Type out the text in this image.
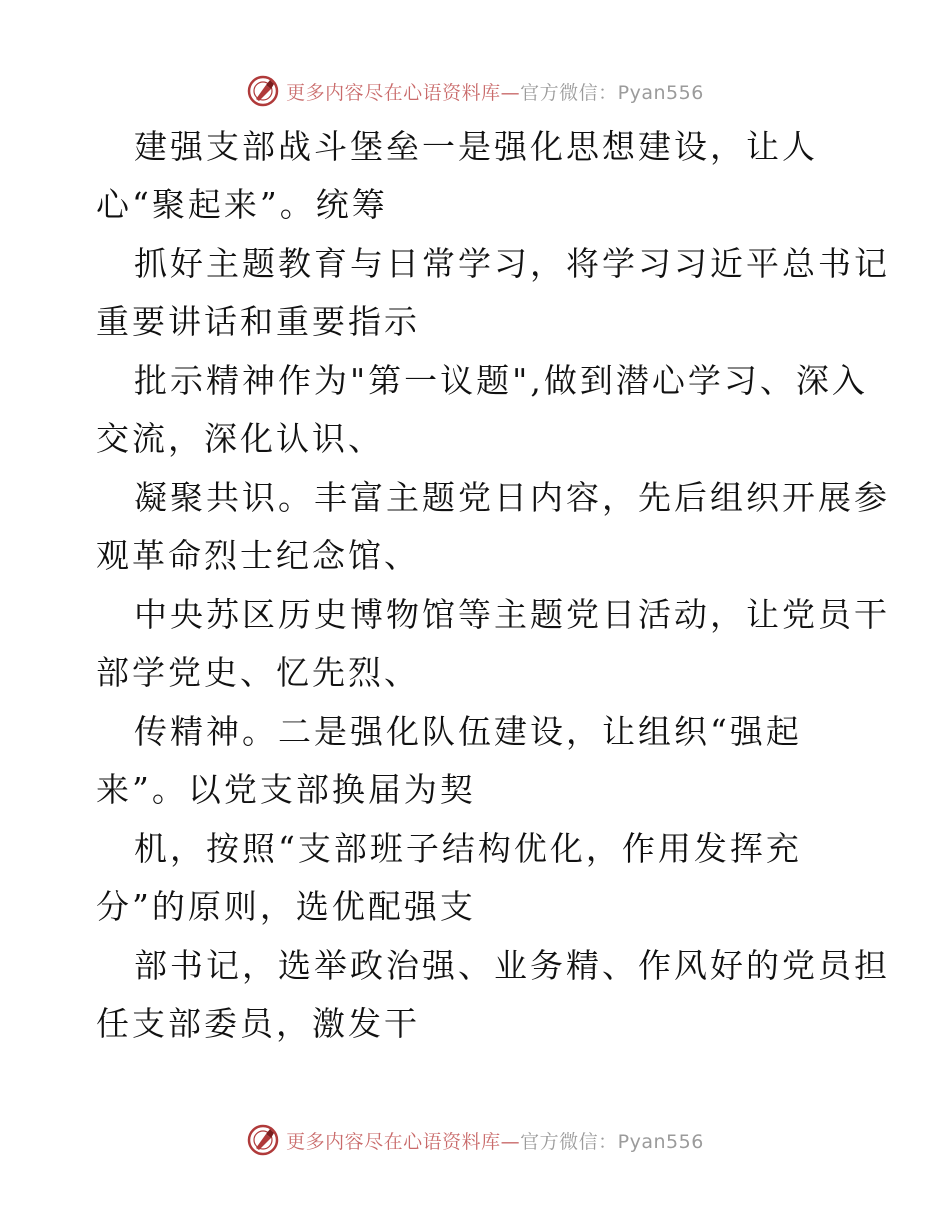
更多内容尽在心语资料库—官方微信：Pyan556
建强支部战斗堡垒一是强化思想建设，让人
心“聚起来”。统筹
抓好主题教育与日常学习，将学习习近平总书记
重要讲话和重要指示
批示精神作为"第一议题",做到潜心学习、深入
交流，深化认识、
凝聚共识。丰富主题党日内容，先后组织开展参
观革命烈士纪念馆、
中央苏区历史博物馆等主题党日活动，让党员干
部学党史、忆先烈、
传精神。二是强化队伍建设，让组织“强起
来”。以党支部换届为契
机，按照“支部班子结构优化，作用发挥充
分”的原则，选优配强支
部书记，选举政治强、业务精、作风好的党员担
任支部委员，激发干
更多内容尽在心语资料库—官方微信：Pyan556
